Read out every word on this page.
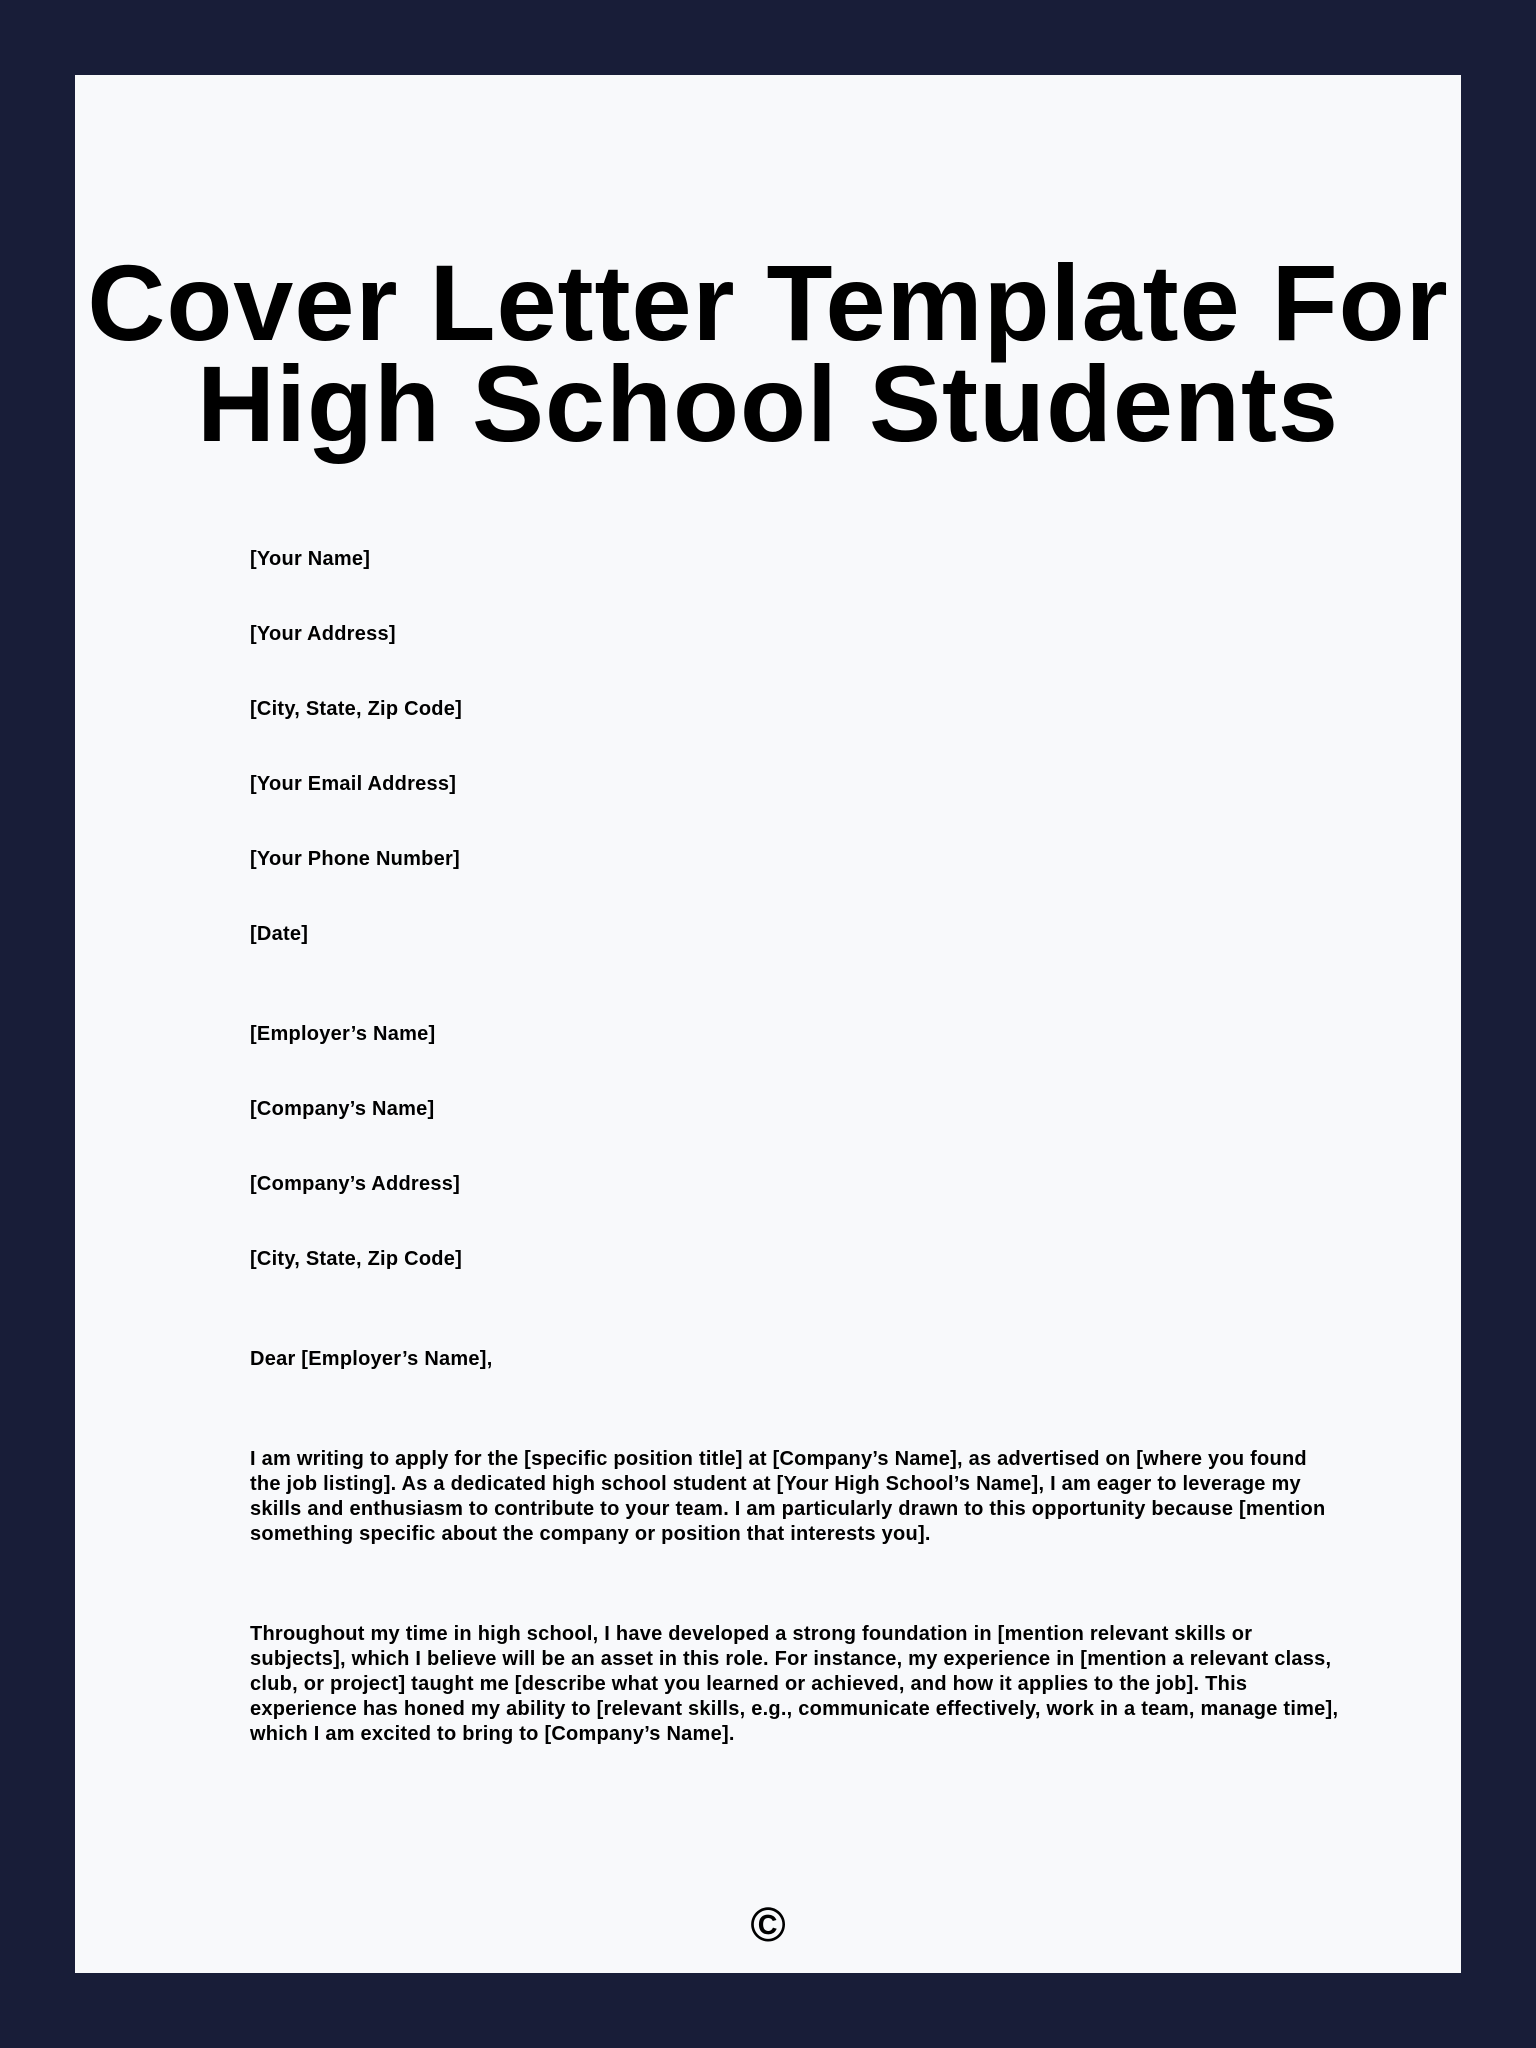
Cover Letter Template For
High School Students
[Your Name]
[Your Address]
[City, State, Zip Code]
[Your Email Address]
[Your Phone Number]
[Date]
[Employer’s Name]
[Company’s Name]
[Company’s Address]
[City, State, Zip Code]
Dear [Employer’s Name],

I am writing to apply for the [specific position title] at [Company’s Name], as advertised on [where you found the job listing]. As a dedicated high school student at [Your High School’s Name], I am eager to leverage my skills and enthusiasm to contribute to your team. I am particularly drawn to this opportunity because [mention something specific about the company or position that interests you].

Throughout my time in high school, I have developed a strong foundation in [mention relevant skills or subjects], which I believe will be an asset in this role. For instance, my experience in [mention a relevant class, club, or project] taught me [describe what you learned or achieved, and how it applies to the job]. This experience has honed my ability to [relevant skills, e.g., communicate effectively, work in a team, manage time], which I am excited to bring to [Company’s Name].

©
